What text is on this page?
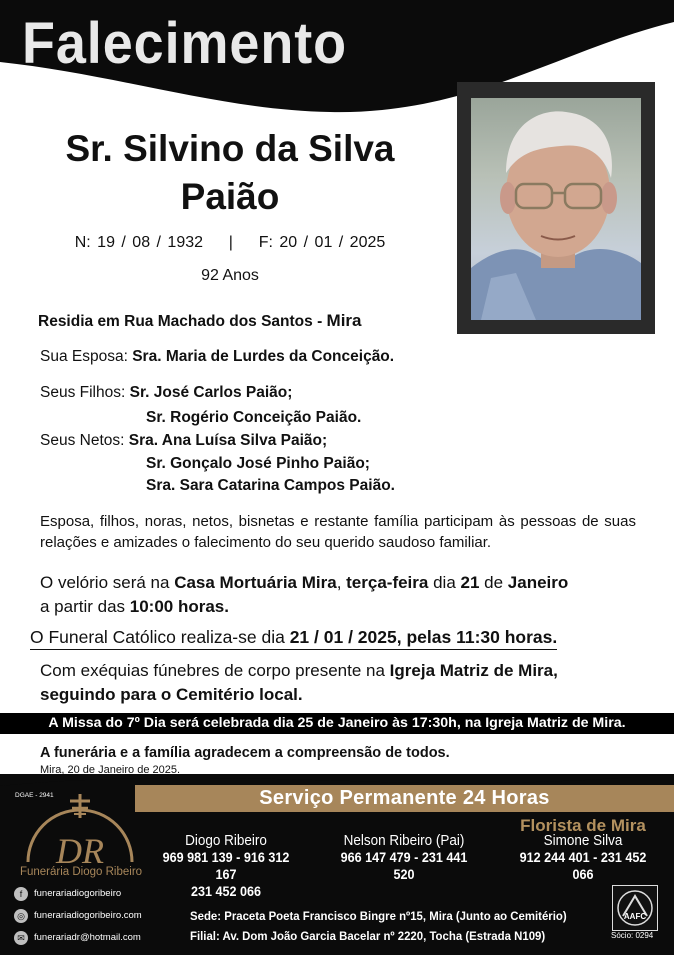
Falecimento
Sr. Silvino da Silva
Paião
N: 19 / 08 / 1932    |    F: 20 / 01 / 2025
92 Anos
Residia em Rua Machado dos Santos - Mira
Sua Esposa: Sra. Maria de Lurdes da Conceição.
Seus Filhos: Sr. José Carlos Paião;
Sr. Rogério Conceição Paião.
Seus Netos: Sra. Ana Luísa Silva Paião;
Sr. Gonçalo José Pinho Paião;
Sra. Sara Catarina Campos Paião.
Esposa, filhos, noras, netos, bisnetas e restante família participam às pessoas de suas relações e amizades o falecimento do seu querido saudoso familiar.
O velório será na Casa Mortuária Mira, terça-feira dia 21 de Janeiro
a partir das 10:00 horas.
O Funeral Católico realiza-se dia 21 / 01 / 2025, pelas 11:30 horas.
Com exéquias fúnebres de corpo presente na Igreja Matriz de Mira,
seguindo para o Cemitério local.
A Missa do 7º Dia será celebrada dia 25 de Janeiro às 17:30h, na Igreja Matriz de Mira.
A funerária e a família agradecem a compreensão de todos.
Mira, 20 de Janeiro de 2025.
DGAE - 2941	Serviço Permanente 24 Horas
DR
Funerária Diogo Ribeiro
Diogo Ribeiro
969 981 139 - 916 312 167
231 452 066
Nelson Ribeiro (Pai)
966 147 479 - 231 441 520
Florista de Mira
Simone Silva
912 244 401 - 231 452 066
f	funerariadiogoribeiro
◎ funerariadiogoribeiro.com
✉ funerariadr@hotmail.com
Sede: Praceta Poeta Francisco Bingre nº15, Mira (Junto ao Cemitério)
Filial: Av. Dom João Garcia Bacelar nº 2220, Tocha (Estrada N109)
AAFC
Sócio: 0294
